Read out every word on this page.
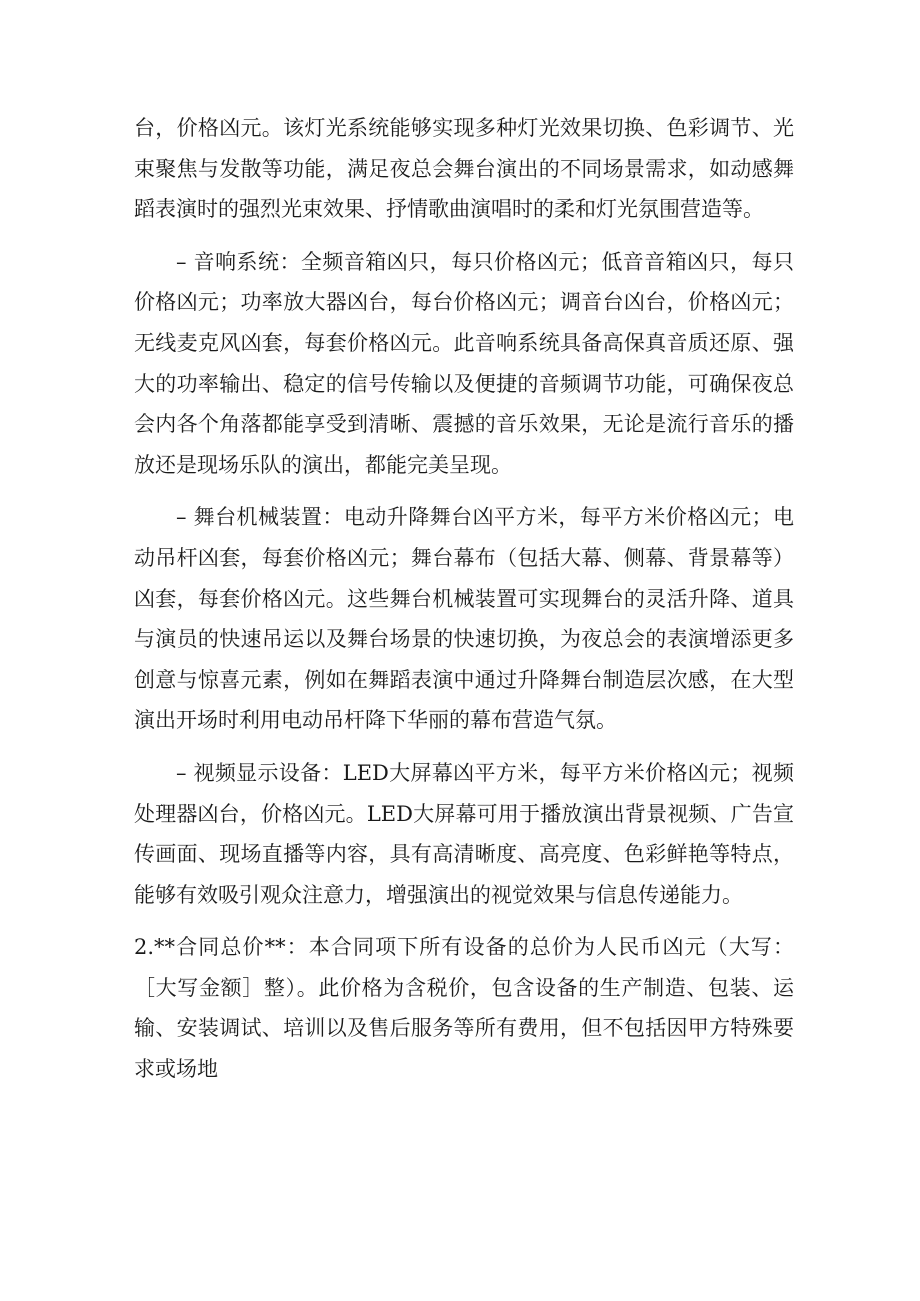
台，价格凶元。该灯光系统能够实现多种灯光效果切换、色彩调节、光束聚焦与发散等功能，满足夜总会舞台演出的不同场景需求，如动感舞蹈表演时的强烈光束效果、抒情歌曲演唱时的柔和灯光氛围营造等。

– 音响系统：全频音箱凶只，每只价格凶元；低音音箱凶只，每只价格凶元；功率放大器凶台，每台价格凶元；调音台凶台，价格凶元；无线麦克风凶套，每套价格凶元。此音响系统具备高保真音质还原、强大的功率输出、稳定的信号传输以及便捷的音频调节功能，可确保夜总会内各个角落都能享受到清晰、震撼的音乐效果，无论是流行音乐的播放还是现场乐队的演出，都能完美呈现。

– 舞台机械装置：电动升降舞台凶平方米，每平方米价格凶元；电动吊杆凶套，每套价格凶元；舞台幕布（包括大幕、侧幕、背景幕等）凶套，每套价格凶元。这些舞台机械装置可实现舞台的灵活升降、道具与演员的快速吊运以及舞台场景的快速切换，为夜总会的表演增添更多创意与惊喜元素，例如在舞蹈表演中通过升降舞台制造层次感，在大型演出开场时利用电动吊杆降下华丽的幕布营造气氛。

– 视频显示设备：LED大屏幕凶平方米，每平方米价格凶元；视频处理器凶台，价格凶元。LED大屏幕可用于播放演出背景视频、广告宣传画面、现场直播等内容，具有高清晰度、高亮度、色彩鲜艳等特点，能够有效吸引观众注意力，增强演出的视觉效果与信息传递能力。

2.**合同总价**：本合同项下所有设备的总价为人民币凶元（大写：［大写金额］整）。此价格为含税价，包含设备的生产制造、包装、运输、安装调试、培训以及售后服务等所有费用，但不包括因甲方特殊要求或场地
